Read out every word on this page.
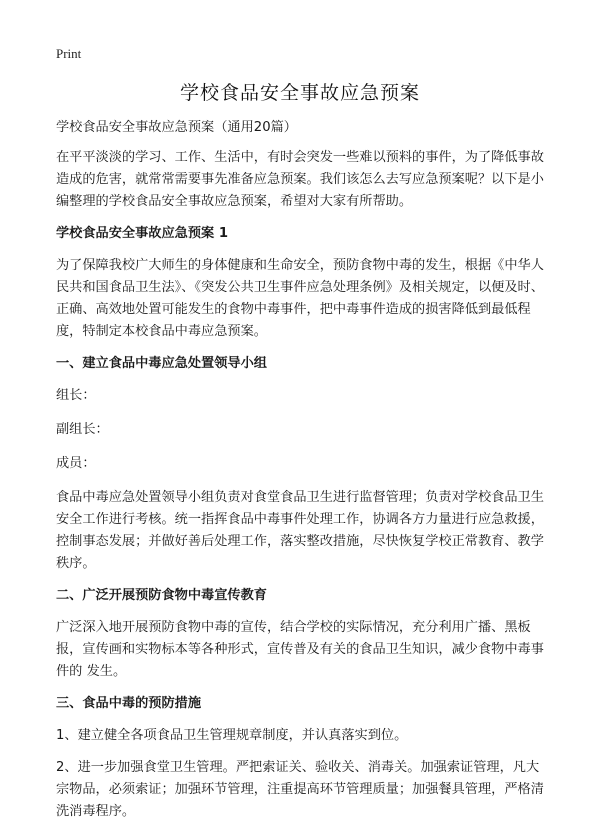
Print
学校食品安全事故应急预案

学校食品安全事故应急预案（通用20篇）

在平平淡淡的学习、工作、生活中，有时会突发一些难以预料的事件，为了降低事故造成的危害，就常常需要事先准备应急预案。我们该怎么去写应急预案呢？以下是小编整理的学校食品安全事故应急预案，希望对大家有所帮助。

学校食品安全事故应急预案 1

为了保障我校广大师生的身体健康和生命安全，预防食物中毒的发生，根据《中华人民共和国食品卫生法》、《突发公共卫生事件应急处理条例》及相关规定，以便及时、正确、高效地处置可能发生的食物中毒事件，把中毒事件造成的损害降低到最低程度，特制定本校食品中毒应急预案。

一、建立食品中毒应急处置领导小组

组长：

副组长：

成员：

食品中毒应急处置领导小组负责对食堂食品卫生进行监督管理；负责对学校食品卫生安全工作进行考核。统一指挥食品中毒事件处理工作，协调各方力量进行应急救援，控制事态发展；并做好善后处理工作，落实整改措施，尽快恢复学校正常教育、教学秩序。

二、广泛开展预防食物中毒宣传教育

广泛深入地开展预防食物中毒的宣传，结合学校的实际情况，充分利用广播、黑板报，宣传画和实物标本等各种形式，宣传普及有关的食品卫生知识，减少食物中毒事件的 发生。

三、食品中毒的预防措施

1、建立健全各项食品卫生管理规章制度，并认真落实到位。

2、进一步加强食堂卫生管理。严把索证关、验收关、消毒关。加强索证管理，凡大宗物品，必须索证；加强环节管理，注重提高环节管理质量；加强餐具管理，严格清洗消毒程序。
